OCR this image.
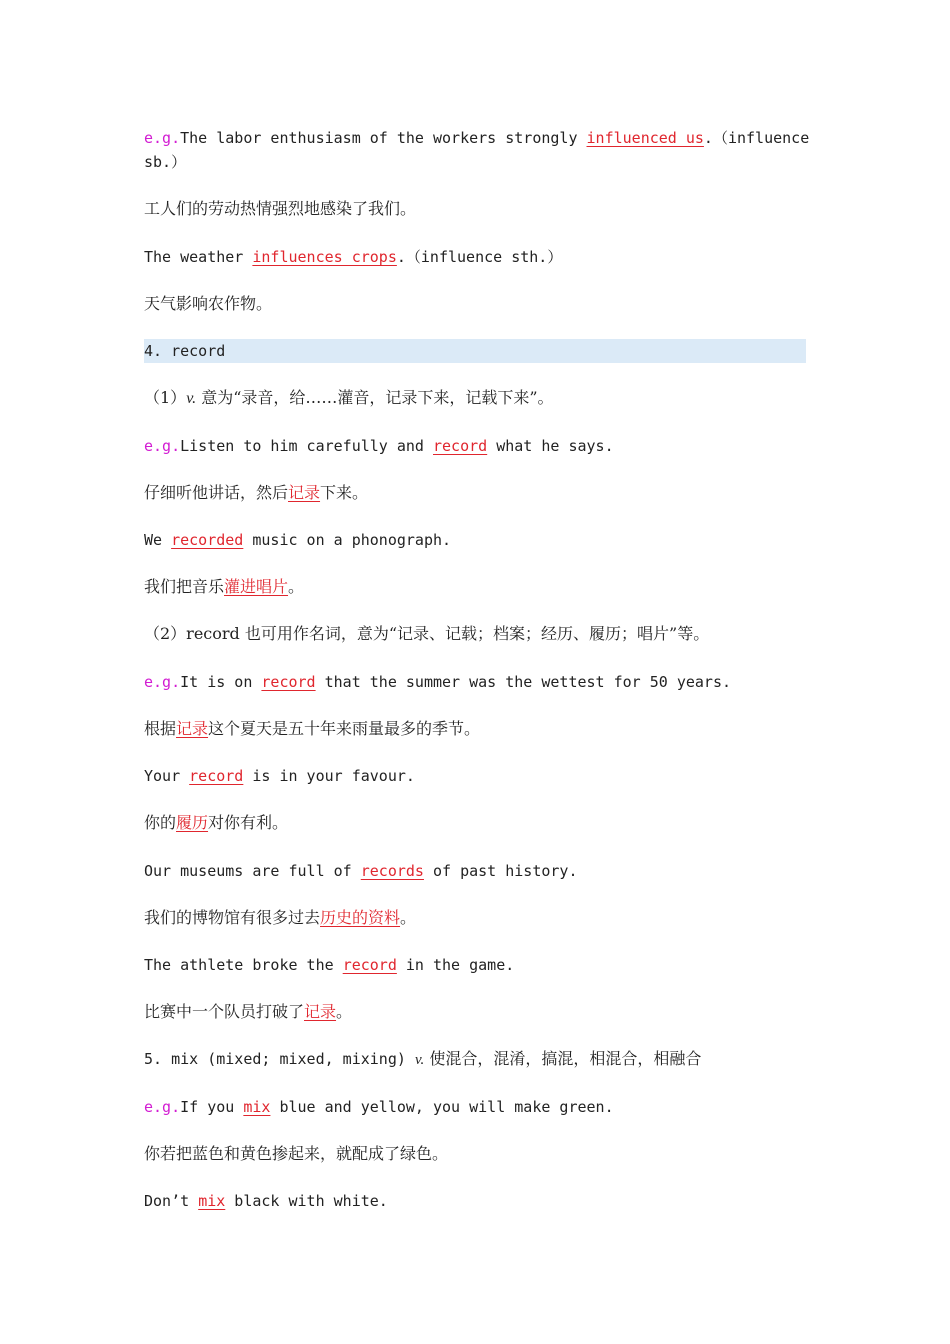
e.g.The labor enthusiasm of the workers strongly influenced us.（influence
sb.）
工人们的劳动热情强烈地感染了我们。
The weather influences crops.（influence sth.）
天气影响农作物。
4. record
（1）v. 意为“录音，给……灌音，记录下来，记载下来”。
e.g.Listen to him carefully and record what he says.
仔细听他讲话，然后记录下来。
We recorded music on a phonograph.
我们把音乐灌进唱片。
（2）record 也可用作名词，意为“记录、记载；档案；经历、履历；唱片”等。
e.g.It is on record that the summer was the wettest for 50 years.
根据记录这个夏天是五十年来雨量最多的季节。
Your record is in your favour.
你的履历对你有利。
Our museums are full of records of past history.
我们的博物馆有很多过去历史的资料。
The athlete broke the record in the game.
比赛中一个队员打破了记录。
5. mix (mixed; mixed, mixing) v. 使混合，混淆，搞混，相混合，相融合
e.g.If you mix blue and yellow, you will make green.
你若把蓝色和黄色掺起来，就配成了绿色。
Don’t mix black with white.
